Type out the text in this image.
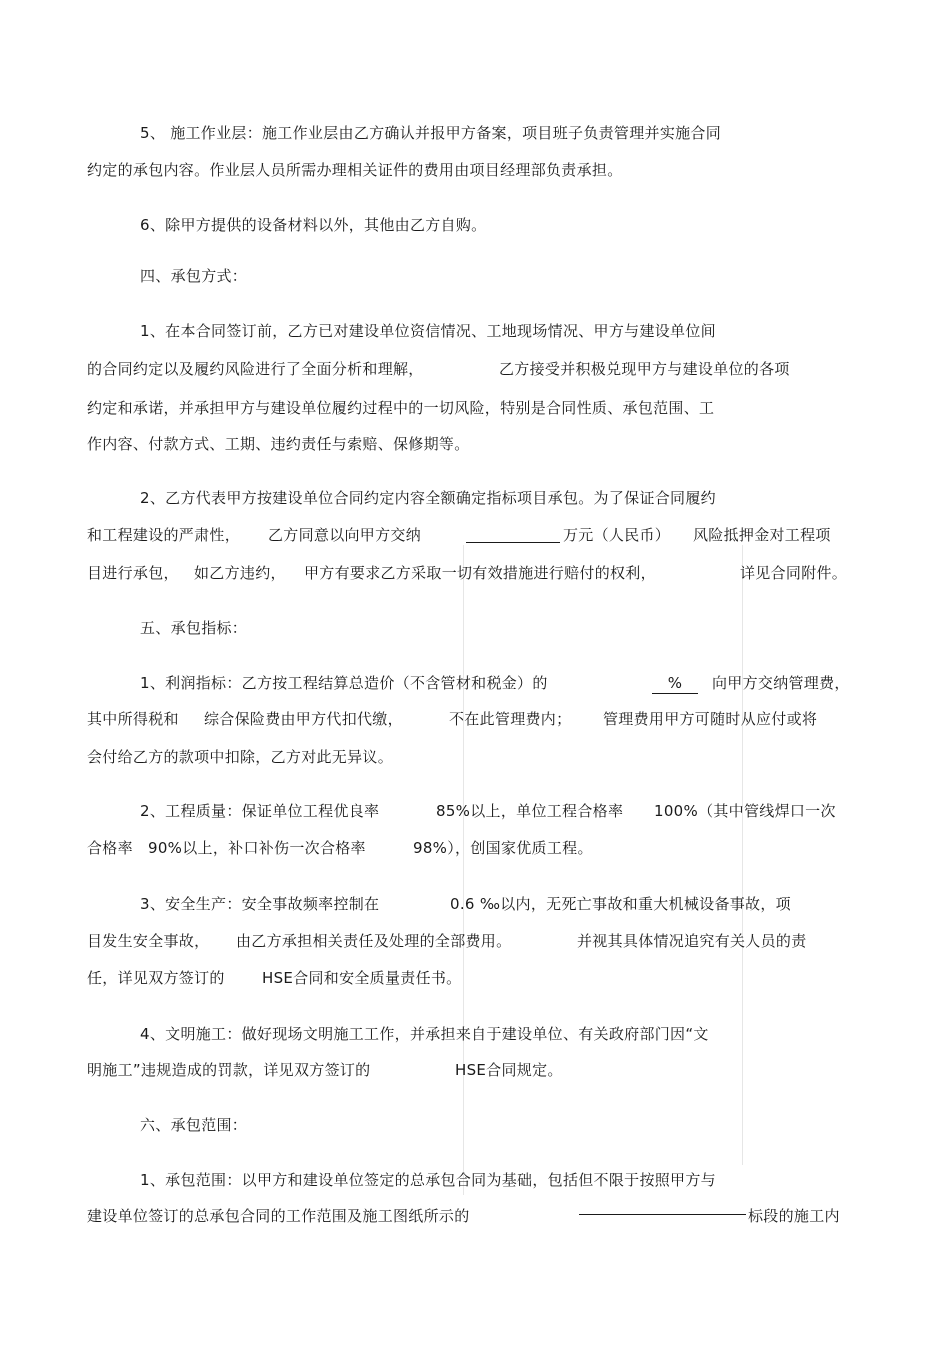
5、 施工作业层：施工作业层由乙方确认并报甲方备案，项目班子负责管理并实施合同
约定的承包内容。作业层人员所需办理相关证件的费用由项目经理部负责承担。
6、除甲方提供的设备材料以外，其他由乙方自购。
四、承包方式：
1、在本合同签订前，乙方已对建设单位资信情况、工地现场情况、甲方与建设单位间
的合同约定以及履约风险进行了全面分析和理解，	乙方接受并积极兑现甲方与建设单位的各项
约定和承诺，并承担甲方与建设单位履约过程中的一切风险，特别是合同性质、承包范围、工
作内容、付款方式、工期、违约责任与索赔、保修期等。
2、乙方代表甲方按建设单位合同约定内容全额确定指标项目承包。为了保证合同履约
和工程建设的严肃性， 乙方同意以向甲方交纳	万元（人民币） 风险抵押金对工程项
目进行承包， 如乙方违约， 甲方有要求乙方采取一切有效措施进行赔付的权利，	详见合同附件。
五、承包指标：
1、利润指标：乙方按工程结算总造价（不含管材和税金）的	%	向甲方交纳管理费，
其中所得税和 综合保险费由甲方代扣代缴，	不在此管理费内； 管理费用甲方可随时从应付或将
会付给乙方的款项中扣除，乙方对此无异议。
2、工程质量：保证单位工程优良率	85%以上，单位工程合格率 100%（其中管线焊口一次
合格率 90%以上，补口补伤一次合格率	98%），创国家优质工程。
3、安全生产：安全事故频率控制在	0.6 ‰以内，无死亡事故和重大机械设备事故，项
目发生安全事故， 由乙方承担相关责任及处理的全部费用。	并视其具体情况追究有关人员的责
任，详见双方签订的 HSE合同和安全质量责任书。
4、文明施工：做好现场文明施工工作，并承担来自于建设单位、有关政府部门因“文
明施工”违规造成的罚款，详见双方签订的	HSE合同规定。
六、承包范围：
1、承包范围：以甲方和建设单位签定的总承包合同为基础，包括但不限于按照甲方与
建设单位签订的总承包合同的工作范围及施工图纸所示的	标段的施工内
